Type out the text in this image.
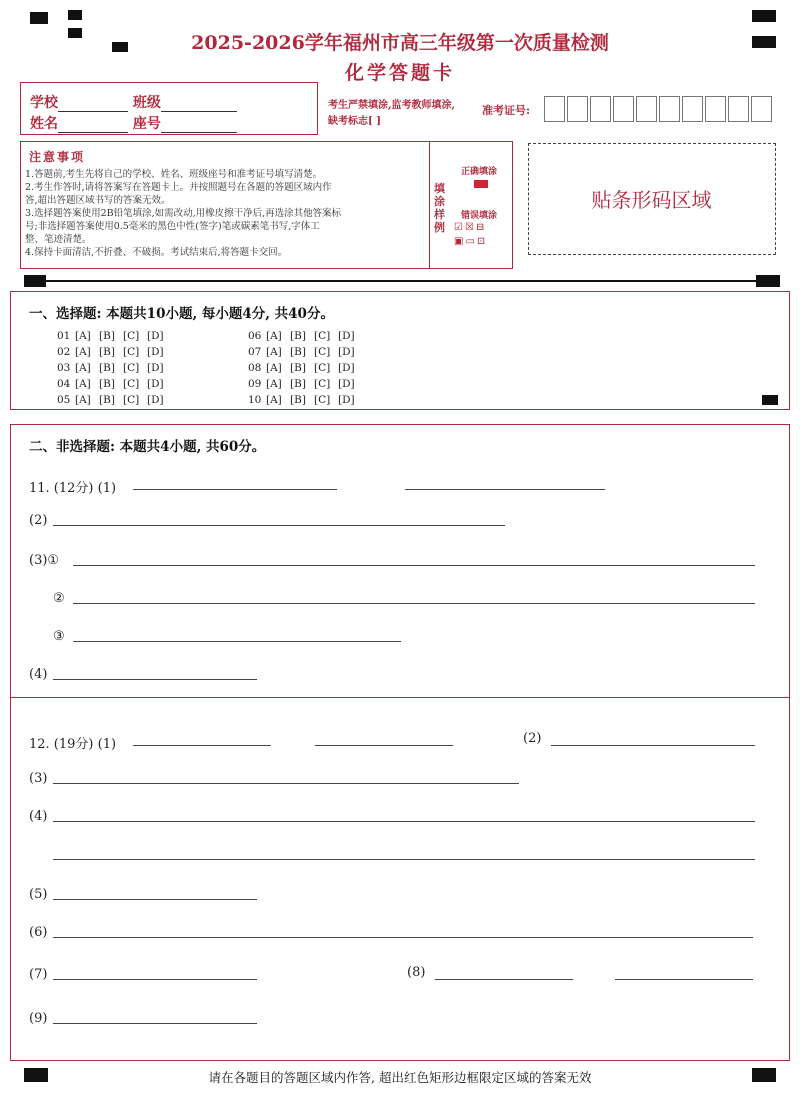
2025-2026学年福州市高三年级第一次质量检测
化学答题卡
学校	班级
姓名	座号
考生严禁填涂,监考教师填涂,
缺考标志[ ]
准考证号:
注意事项

1.答题前,考生先将自己的学校、姓名、班级座号和准考证号填写清楚。

2.考生作答时,请将答案写在答题卡上。并按照题号在各题的答题区域内作

答,超出答题区域书写的答案无效。

3.选择题答案使用2B铅笔填涂,如需改动,用橡皮擦干净后,再选涂其他答案标

号;非选择题答案使用0.5毫米的黑色中性(签字)笔或碳素笔书写,字体工

整、笔迹清楚。

4.保持卡面清洁,不折叠、不破损。考试结束后,将答题卡交回。

填涂样例
正确填涂
错误填涂
☑☒⊟
▣▭⊡
贴条形码区域
一、选择题: 本题共10小题, 每小题4分, 共40分。
01 [A] [B] [C] [D]
02 [A] [B] [C] [D]
03 [A] [B] [C] [D]
04 [A] [B] [C] [D]
05 [A] [B] [C] [D]
06 [A] [B] [C] [D]
07 [A] [B] [C] [D]
08 [A] [B] [C] [D]
09 [A] [B] [C] [D]
10 [A] [B] [C] [D]
二、非选择题: 本题共4小题, 共60分。
11. (12分) (1)
(2)
(3)①
②
③
(4)
12. (19分) (1)	(2)
(3)
(4)
(5)
(6)
(7)	(8)
(9)
请在各题目的答题区域内作答, 超出红色矩形边框限定区域的答案无效
